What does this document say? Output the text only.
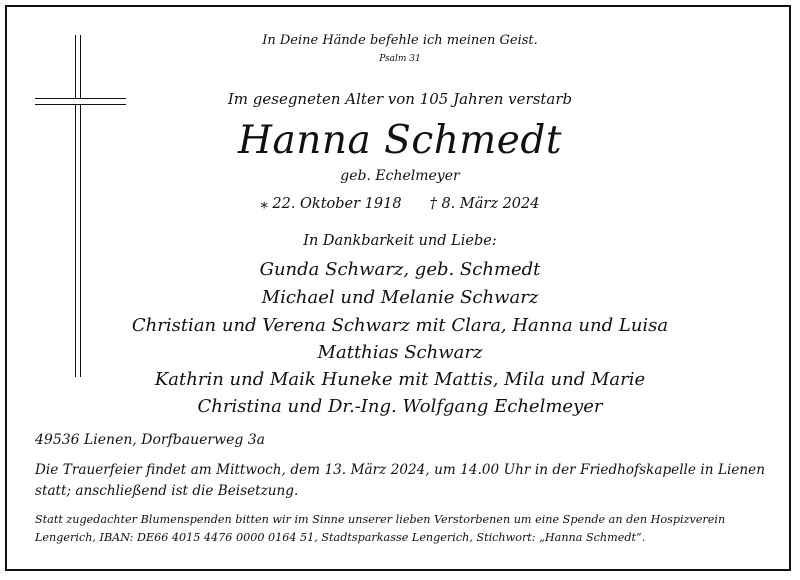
In Deine Hände befehle ich meinen Geist.
Psalm 31
Im gesegneten Alter von 105 Jahren verstarb
Hanna Schmedt
geb. Echelmeyer
⁎ 22. Oktober 1918 † 8. März 2024
In Dankbarkeit und Liebe:
Gunda Schwarz, geb. Schmedt
Michael und Melanie Schwarz
Christian und Verena Schwarz mit Clara, Hanna und Luisa
Matthias Schwarz
Kathrin und Maik Huneke mit Mattis, Mila und Marie
Christina und Dr.-Ing. Wolfgang Echelmeyer
49536 Lienen, Dorfbauerweg 3a
Die Trauerfeier findet am Mittwoch, dem 13. März 2024, um 14.00 Uhr in der Friedhofskapelle in Lienen statt; anschließend ist die Beisetzung.
Statt zugedachter Blumenspenden bitten wir im Sinne unserer lieben Verstorbenen um eine Spende an den Hospizverein Lengerich, IBAN: DE66 4015 4476 0000 0164 51, Stadtsparkasse Lengerich, Stichwort: „Hanna Schmedt“.
